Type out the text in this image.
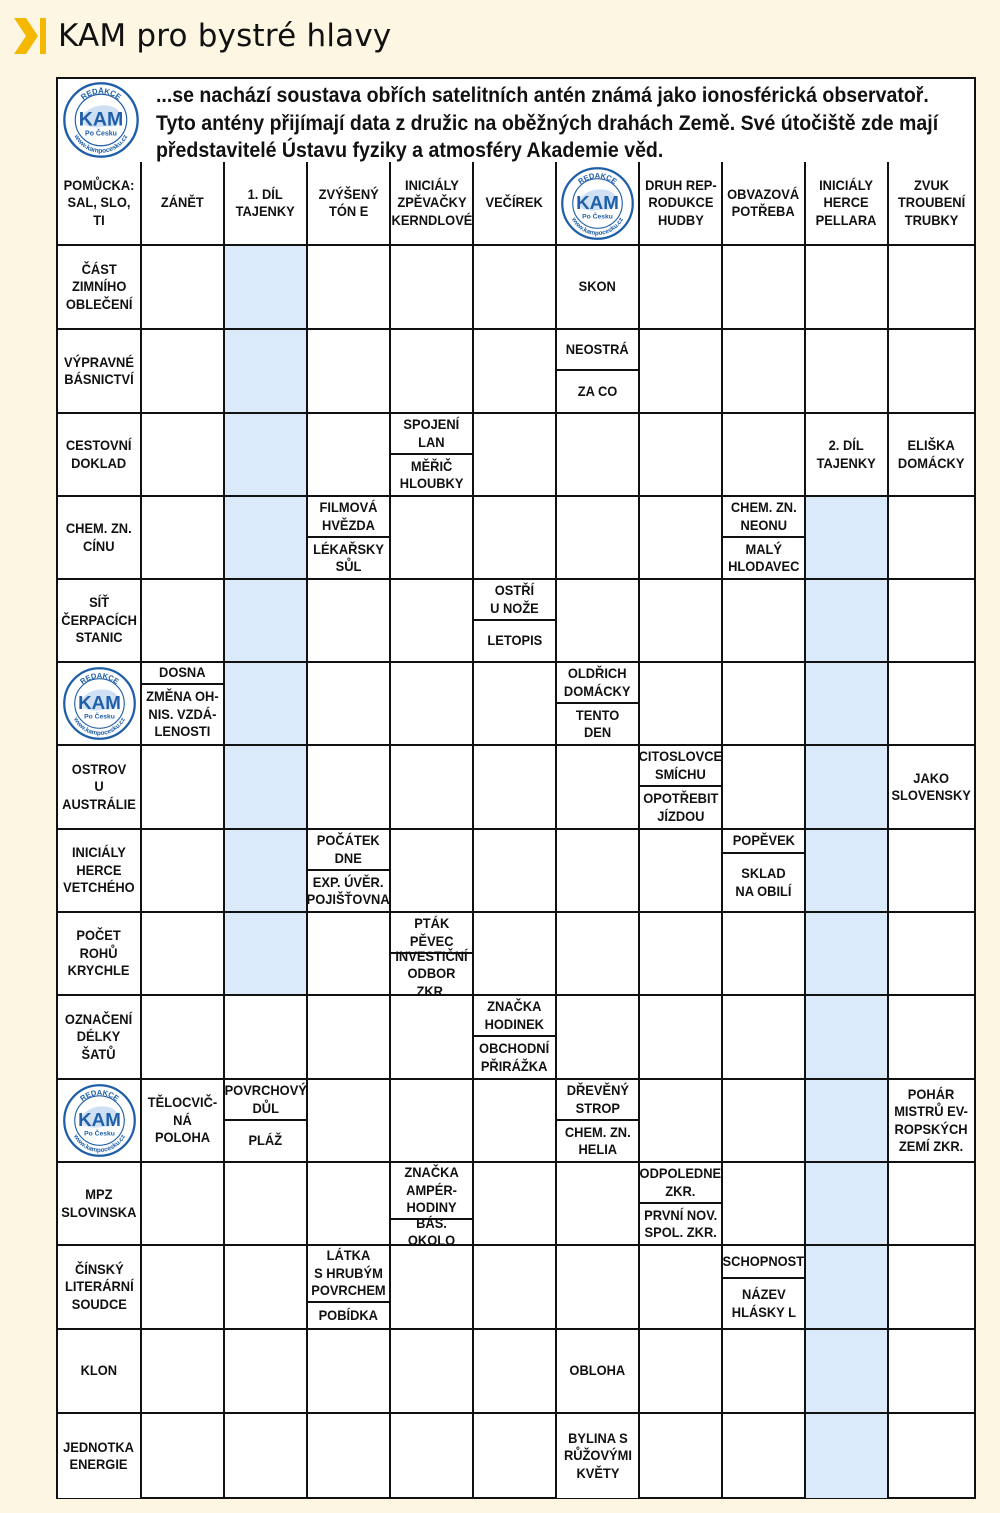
KAM pro bystré hlavy
REDAKCE
KAM
Po Česku
www.kampocesku.cz
...se nachází soustava obřích satelitních antén známá jako ionosférická observatoř.
Tyto antény přijímají data z družic na oběžných drahách Země. Své útočiště zde mají
představitelé Ústavu fyziky a atmosféry Akademie věd.
POMŮCKA:
SAL, SLO, TI
ZÁNĚT
1. DÍL
TAJENKY
ZVÝŠENÝ
TÓN E
INICIÁLY
ZPĚVAČKY
KERNDLOVÉ
VEČÍREK
REDAKCE
KAM
Po Česku
www.kampocesku.cz
DRUH REP-
RODUKCE
HUDBY
OBVAZOVÁ
POTŘEBA
INICIÁLY
HERCE
PELLARA
ZVUK
TROUBENÍ
TRUBKY
ČÁST
ZIMNÍHO
OBLEČENÍ
SKON
VÝPRAVNÉ
BÁSNICTVÍ
NEOSTRÁ
ZA CO
CESTOVNÍ
DOKLAD
SPOJENÍ
LAN
MĚŘIČ
HLOUBKY
2. DÍL
TAJENKY
ELIŠKA
DOMÁCKY
CHEM. ZN.
CÍNU
FILMOVÁ
HVĚZDA
LÉKAŘSKY
SŮL
CHEM. ZN.
NEONU
MALÝ
HLODAVEC
SÍŤ
ČERPACÍCH
STANIC
OSTŘÍ
U NOŽE
LETOPIS
REDAKCE
KAM
Po Česku
www.kampocesku.cz
DOSNA
ZMĚNA OH-
NIS. VZDÁ-
LENOSTI
OLDŘICH
DOMÁCKY
TENTO
DEN
OSTROV
U AUSTRÁLIE
CITOSLOVCE
SMÍCHU
OPOTŘEBIT
JÍZDOU
JAKO
SLOVENSKY
INICIÁLY
HERCE
VETCHÉHO
POČÁTEK
DNE
EXP. ÚVĚR.
POJIŠŤOVNA
POPĚVEK
SKLAD
NA OBILÍ
POČET
ROHŮ
KRYCHLE
PTÁK
PĚVEC
INVESTIČNÍ
ODBOR ZKR.
OZNAČENÍ
DÉLKY
ŠATŮ
ZNAČKA
HODINEK
OBCHODNÍ
PŘIRÁŽKA
REDAKCE
KAM
Po Česku
www.kampocesku.cz
TĚLOCVIČ-
NÁ POLOHA
POVRCHOVÝ
DŮL
PLÁŽ
DŘEVĚNÝ
STROP
CHEM. ZN.
HELIA
POHÁR
MISTRŮ EV-
ROPSKÝCH
ZEMÍ ZKR.
MPZ
SLOVINSKA
ZNAČKA
AMPÉR-
HODINY
BÁS. OKOLO
ODPOLEDNE
ZKR.
PRVNÍ NOV.
SPOL. ZKR.
ČÍNSKÝ
LITERÁRNÍ
SOUDCE
LÁTKA
S HRUBÝM
POVRCHEM
POBÍDKA
SCHOPNOST
NÁZEV
HLÁSKY L
KLON	OBLOHA
JEDNOTKA
ENERGIE
BYLINA S
RŮŽOVÝMI
KVĚTY
